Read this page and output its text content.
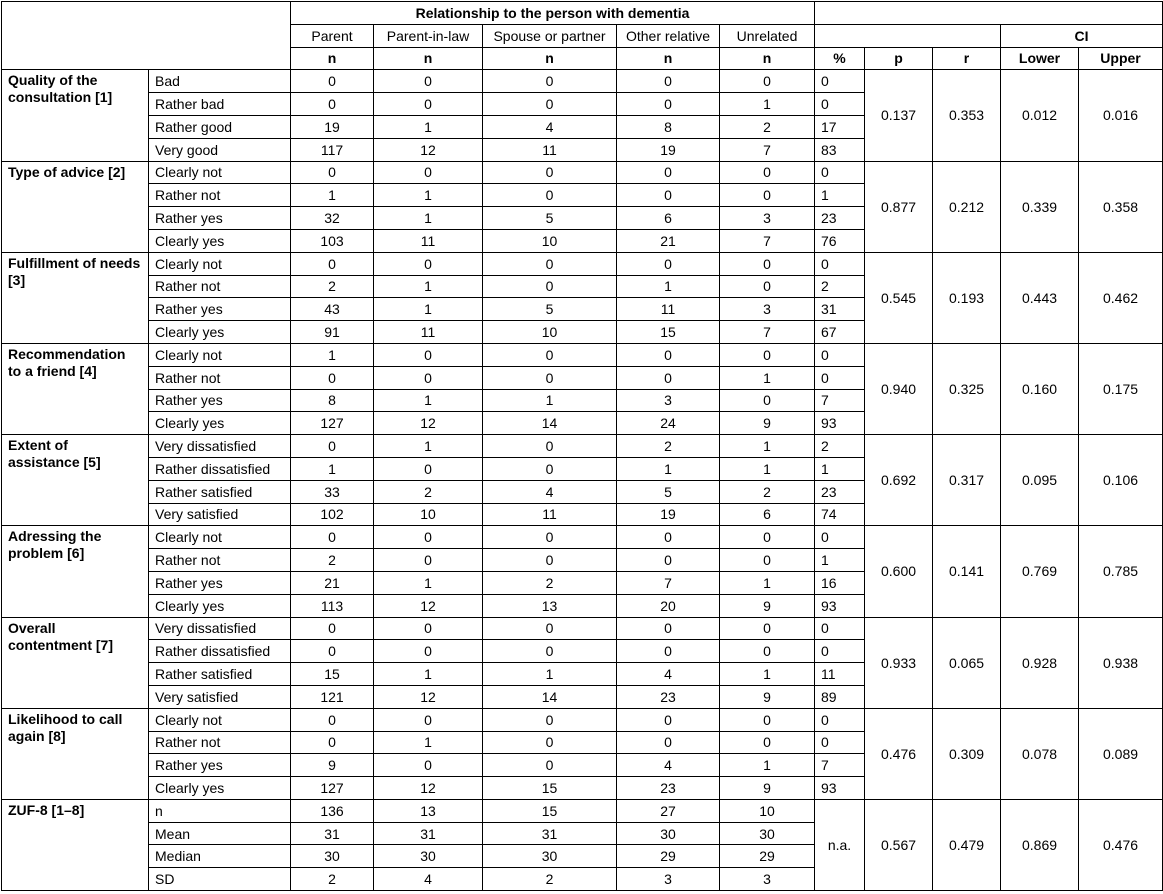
		Relationship to the person with dementia									
		Parent	Parent-in-law	Spouse or partner	Other relative	Unrelated				CI	
		n	n	n	n	n	%	p	r	Lower	Upper
Quality of the consultation [1]	Bad	0	0	0	0	0	0	0.137	0.353	0.012	0.016
	Rather bad	0	0	0	0	1	0				
	Rather good	19	1	4	8	2	17				
	Very good	117	12	11	19	7	83				
Type of advice [2]	Clearly not	0	0	0	0	0	0	0.877	0.212	0.339	0.358
	Rather not	1	1	0	0	0	1				
	Rather yes	32	1	5	6	3	23				
	Clearly yes	103	11	10	21	7	76				
Fulfillment of needs [3]	Clearly not	0	0	0	0	0	0	0.545	0.193	0.443	0.462
	Rather not	2	1	0	1	0	2				
	Rather yes	43	1	5	11	3	31				
	Clearly yes	91	11	10	15	7	67				
Recommendation to a friend [4]	Clearly not	1	0	0	0	0	0	0.940	0.325	0.160	0.175
	Rather not	0	0	0	0	1	0				
	Rather yes	8	1	1	3	0	7				
	Clearly yes	127	12	14	24	9	93				
Extent of assistance [5]	Very dissatisfied	0	1	0	2	1	2	0.692	0.317	0.095	0.106
	Rather dissatisfied	1	0	0	1	1	1				
	Rather satisfied	33	2	4	5	2	23				
	Very satisfied	102	10	11	19	6	74				
Adressing the problem [6]	Clearly not	0	0	0	0	0	0	0.600	0.141	0.769	0.785
	Rather not	2	0	0	0	0	1				
	Rather yes	21	1	2	7	1	16				
	Clearly yes	113	12	13	20	9	93				
Overall contentment [7]	Very dissatisfied	0	0	0	0	0	0	0.933	0.065	0.928	0.938
	Rather dissatisfied	0	0	0	0	0	0				
	Rather satisfied	15	1	1	4	1	11				
	Very satisfied	121	12	14	23	9	89				
Likelihood to call again [8]	Clearly not	0	0	0	0	0	0	0.476	0.309	0.078	0.089
	Rather not	0	1	0	0	0	0				
	Rather yes	9	0	0	4	1	7				
	Clearly yes	127	12	15	23	9	93				
ZUF-8 [1–8]	n	136	13	15	27	10	n.a.	0.567	0.479	0.869	0.476
	Mean	31	31	31	30	30					
	Median	30	30	30	29	29					
	SD	2	4	2	3	3					
